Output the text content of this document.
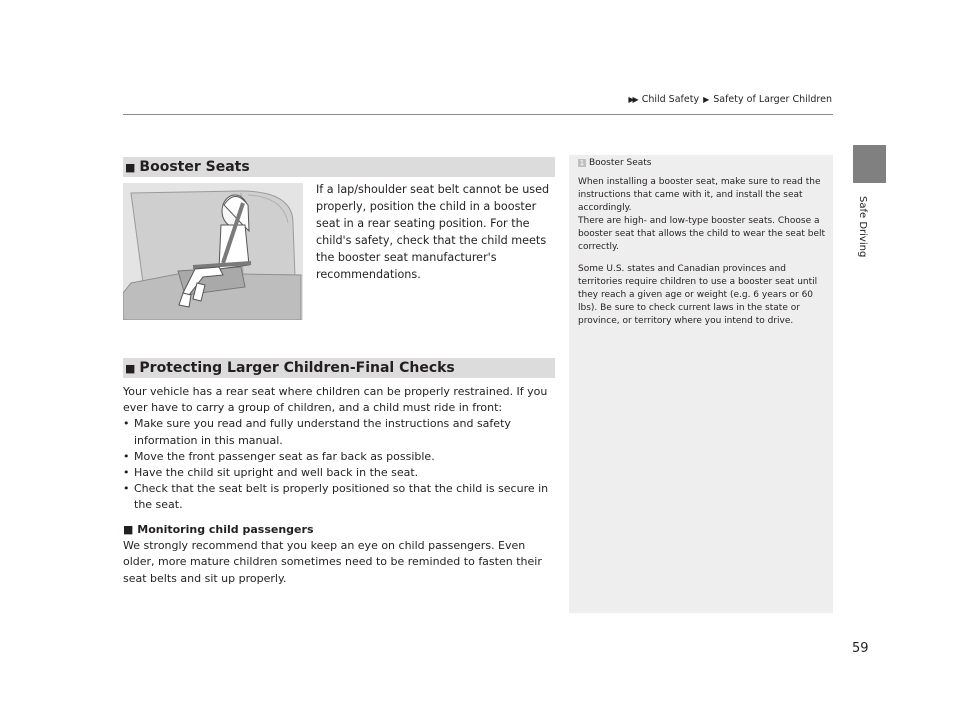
▶▶ Child Safety ▶ Safety of Larger Children
Safe Driving
■ Booster Seats
If a lap/shoulder seat belt cannot be used properly, position the child in a booster seat in a rear seating position. For the child's safety, check that the child meets the booster seat manufacturer's recommendations.
■ Protecting Larger Children-Final Checks
Your vehicle has a rear seat where children can be properly restrained. If you ever have to carry a group of children, and a child must ride in front:
• Make sure you read and fully understand the instructions and safety information in this manual.
• Move the front passenger seat as far back as possible.
• Have the child sit upright and well back in the seat.
• Check that the seat belt is properly positioned so that the child is secure in the seat.
■ Monitoring child passengers
We strongly recommend that you keep an eye on child passengers. Even older, more mature children sometimes need to be reminded to fasten their seat belts and sit up properly.
1 Booster Seats

When installing a booster seat, make sure to read the instructions that came with it, and install the seat accordingly.

There are high- and low-type booster seats. Choose a booster seat that allows the child to wear the seat belt correctly.

Some U.S. states and Canadian provinces and territories require children to use a booster seat until they reach a given age or weight (e.g. 6 years or 60 lbs). Be sure to check current laws in the state or province, or territory where you intend to drive.

59
